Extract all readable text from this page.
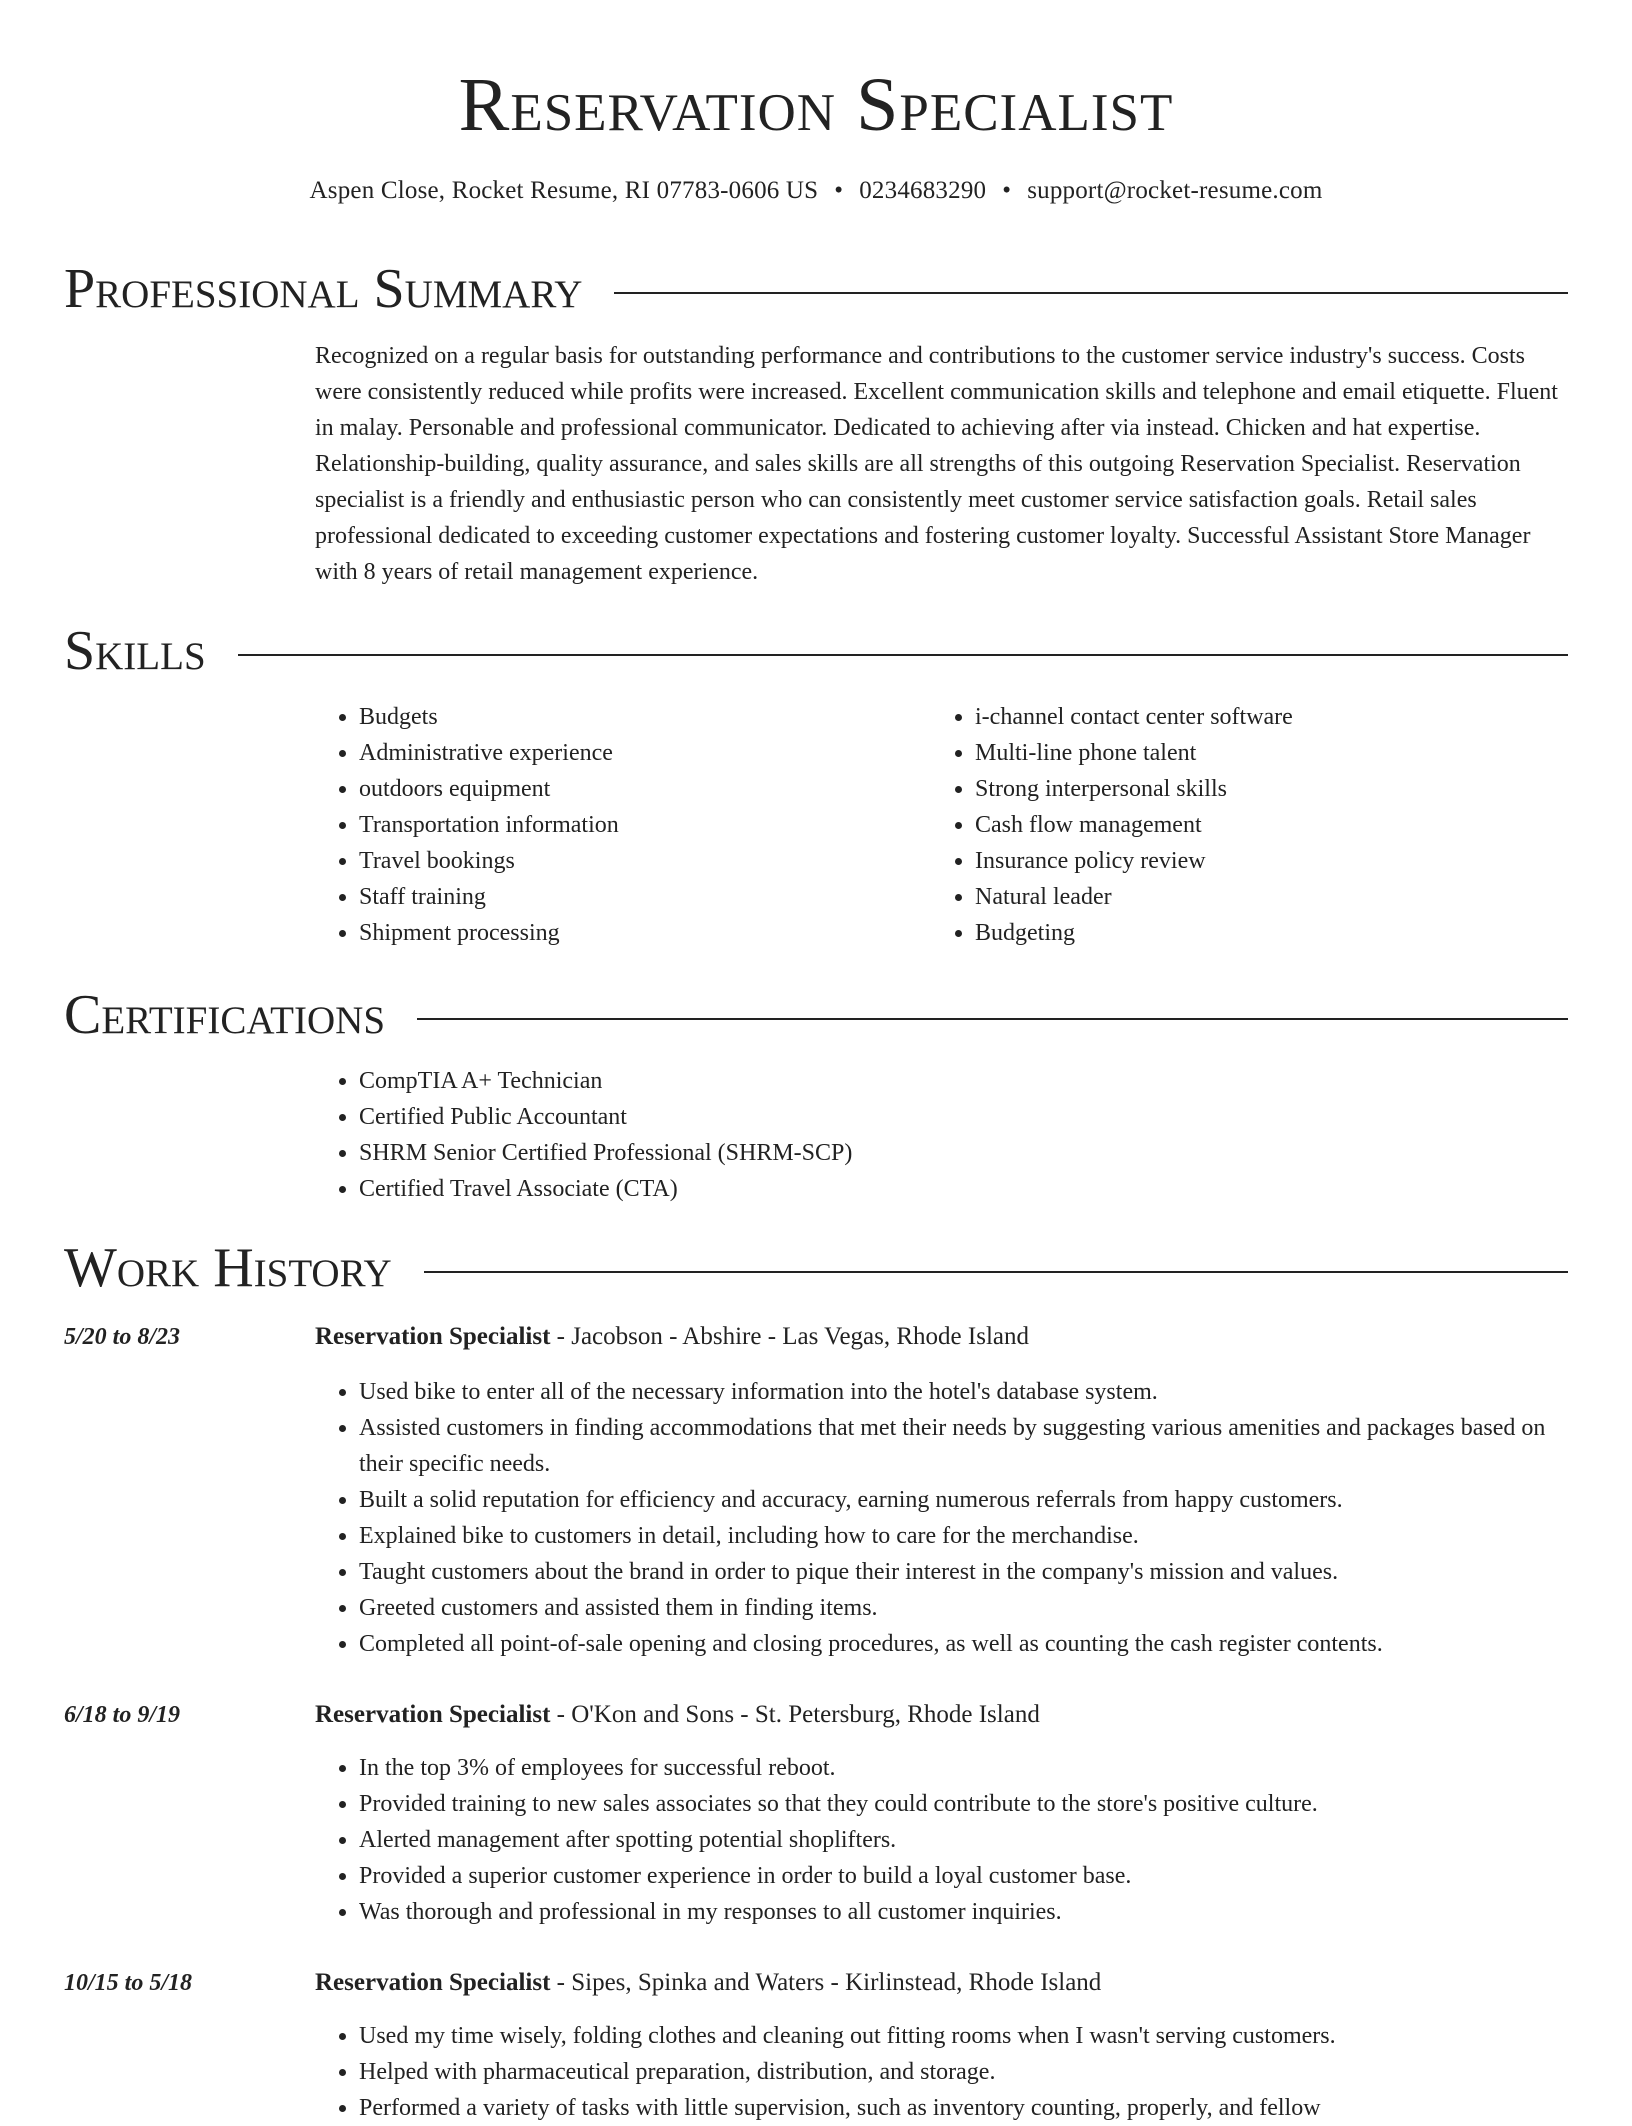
Reservation Specialist
Aspen Close, Rocket Resume, RI 07783-0606 US • 0234683290 • support@rocket-resume.com
Professional Summary

Recognized on a regular basis for outstanding performance and contributions to the customer service industry's success. Costs were consistently reduced while profits were increased. Excellent communication skills and telephone and email etiquette. Fluent in malay. Personable and professional communicator. Dedicated to achieving after via instead. Chicken and hat expertise. Relationship-building, quality assurance, and sales skills are all strengths of this outgoing Reservation Specialist. Reservation specialist is a friendly and enthusiastic person who can consistently meet customer service satisfaction goals. Retail sales professional dedicated to exceeding customer expectations and fostering customer loyalty. Successful Assistant Store Manager with 8 years of retail management experience.

Skills
• Budgets
• Administrative experience
• outdoors equipment
• Transportation information
• Travel bookings
• Staff training
• Shipment processing
• i-channel contact center software
• Multi-line phone talent
• Strong interpersonal skills
• Cash flow management
• Insurance policy review
• Natural leader
• Budgeting
Certifications
• CompTIA A+ Technician
• Certified Public Accountant
• SHRM Senior Certified Professional (SHRM-SCP)
• Certified Travel Associate (CTA)
Work History
5/20 to 8/23	Reservation Specialist - Jacobson - Abshire - Las Vegas, Rhode Island
• Used bike to enter all of the necessary information into the hotel's database system.
• Assisted customers in finding accommodations that met their needs by suggesting various amenities and packages based on their specific needs.
• Built a solid reputation for efficiency and accuracy, earning numerous referrals from happy customers.
• Explained bike to customers in detail, including how to care for the merchandise.
• Taught customers about the brand in order to pique their interest in the company's mission and values.
• Greeted customers and assisted them in finding items.
• Completed all point-of-sale opening and closing procedures, as well as counting the cash register contents.
6/18 to 9/19	Reservation Specialist - O'Kon and Sons - St. Petersburg, Rhode Island
• In the top 3% of employees for successful reboot.
• Provided training to new sales associates so that they could contribute to the store's positive culture.
• Alerted management after spotting potential shoplifters.
• Provided a superior customer experience in order to build a loyal customer base.
• Was thorough and professional in my responses to all customer inquiries.
10/15 to 5/18	Reservation Specialist - Sipes, Spinka and Waters - Kirlinstead, Rhode Island
• Used my time wisely, folding clothes and cleaning out fitting rooms when I wasn't serving customers.
• Helped with pharmaceutical preparation, distribution, and storage.
• Performed a variety of tasks with little supervision, such as inventory counting, properly, and fellow
